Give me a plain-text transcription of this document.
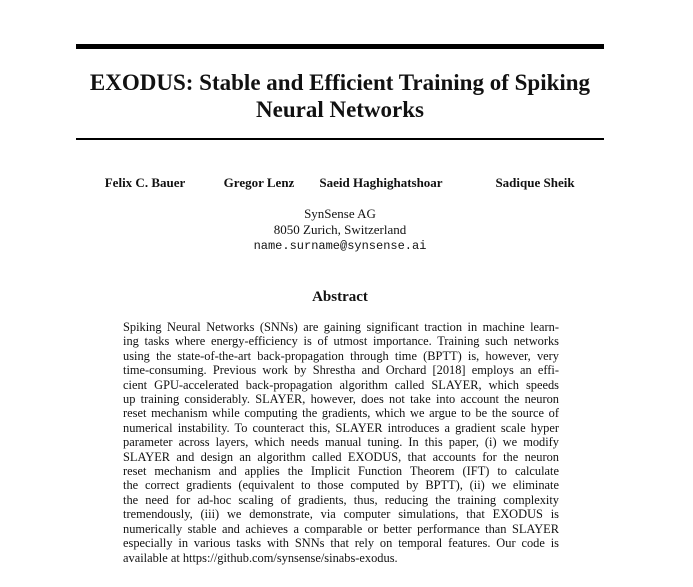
EXODUS: Stable and Efficient Training of Spiking
Neural Networks
Felix C. Bauer	Gregor Lenz Saeid Haghighatshoar	Sadique Sheik
SynSense AG
8050 Zurich, Switzerland
name.surname@synsense.ai
Abstract
Spiking Neural Networks (SNNs) are gaining significant traction in machine learn-
ing tasks where energy-efficiency is of utmost importance. Training such networks
using the state-of-the-art back-propagation through time (BPTT) is, however, very
time-consuming. Previous work by Shrestha and Orchard [2018] employs an effi-
cient GPU-accelerated back-propagation algorithm called SLAYER, which speeds
up training considerably. SLAYER, however, does not take into account the neuron
reset mechanism while computing the gradients, which we argue to be the source of
numerical instability. To counteract this, SLAYER introduces a gradient scale hyper
parameter across layers, which needs manual tuning. In this paper, (i) we modify
SLAYER and design an algorithm called EXODUS, that accounts for the neuron
reset mechanism and applies the Implicit Function Theorem (IFT) to calculate
the correct gradients (equivalent to those computed by BPTT), (ii) we eliminate
the need for ad-hoc scaling of gradients, thus, reducing the training complexity
tremendously, (iii) we demonstrate, via computer simulations, that EXODUS is
numerically stable and achieves a comparable or better performance than SLAYER
especially in various tasks with SNNs that rely on temporal features. Our code is
available at https://github.com/synsense/sinabs-exodus.
